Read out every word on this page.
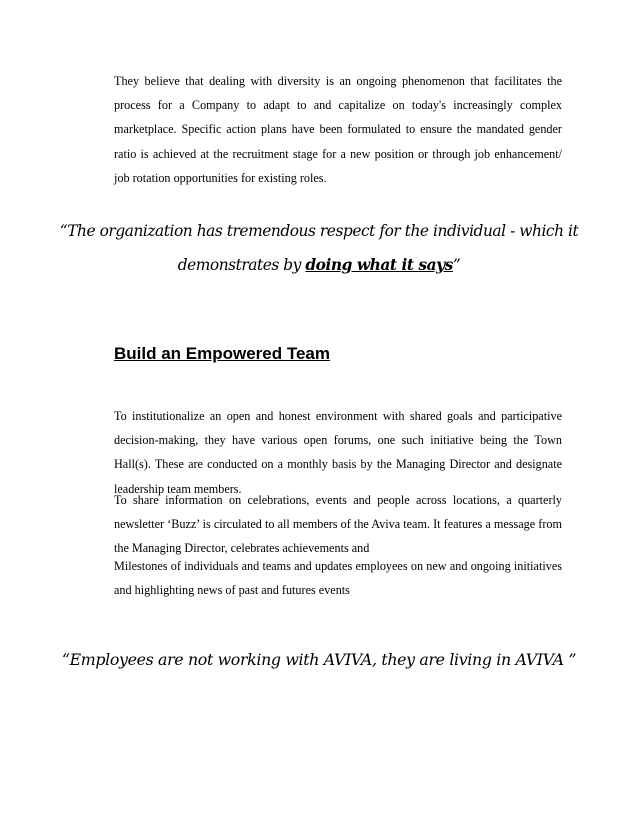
They believe that dealing with diversity is an ongoing phenomenon that facilitates the process for a Company to adapt to and capitalize on today's increasingly complex marketplace. Specific action plans have been formulated to ensure the mandated gender ratio is achieved at the recruitment stage for a new position or through job enhancement/ job rotation opportunities for existing roles.

“The organization has tremendous respect for the individual - which it

demonstrates by doing what it says”

Build an Empowered Team

To institutionalize an open and honest environment with shared goals and participative decision-making, they have various open forums, one such initiative being the Town Hall(s). These are conducted on a monthly basis by the Managing Director and designate leadership team members.

To share information on celebrations, events and people across locations, a quarterly newsletter ‘Buzz’ is circulated to all members of the Aviva team. It features a message from the Managing Director, celebrates achievements and

Milestones of individuals and teams and updates employees on new and ongoing initiatives and highlighting news of past and futures events

“Employees are not working with AVIVA, they are living in AVIVA ”
